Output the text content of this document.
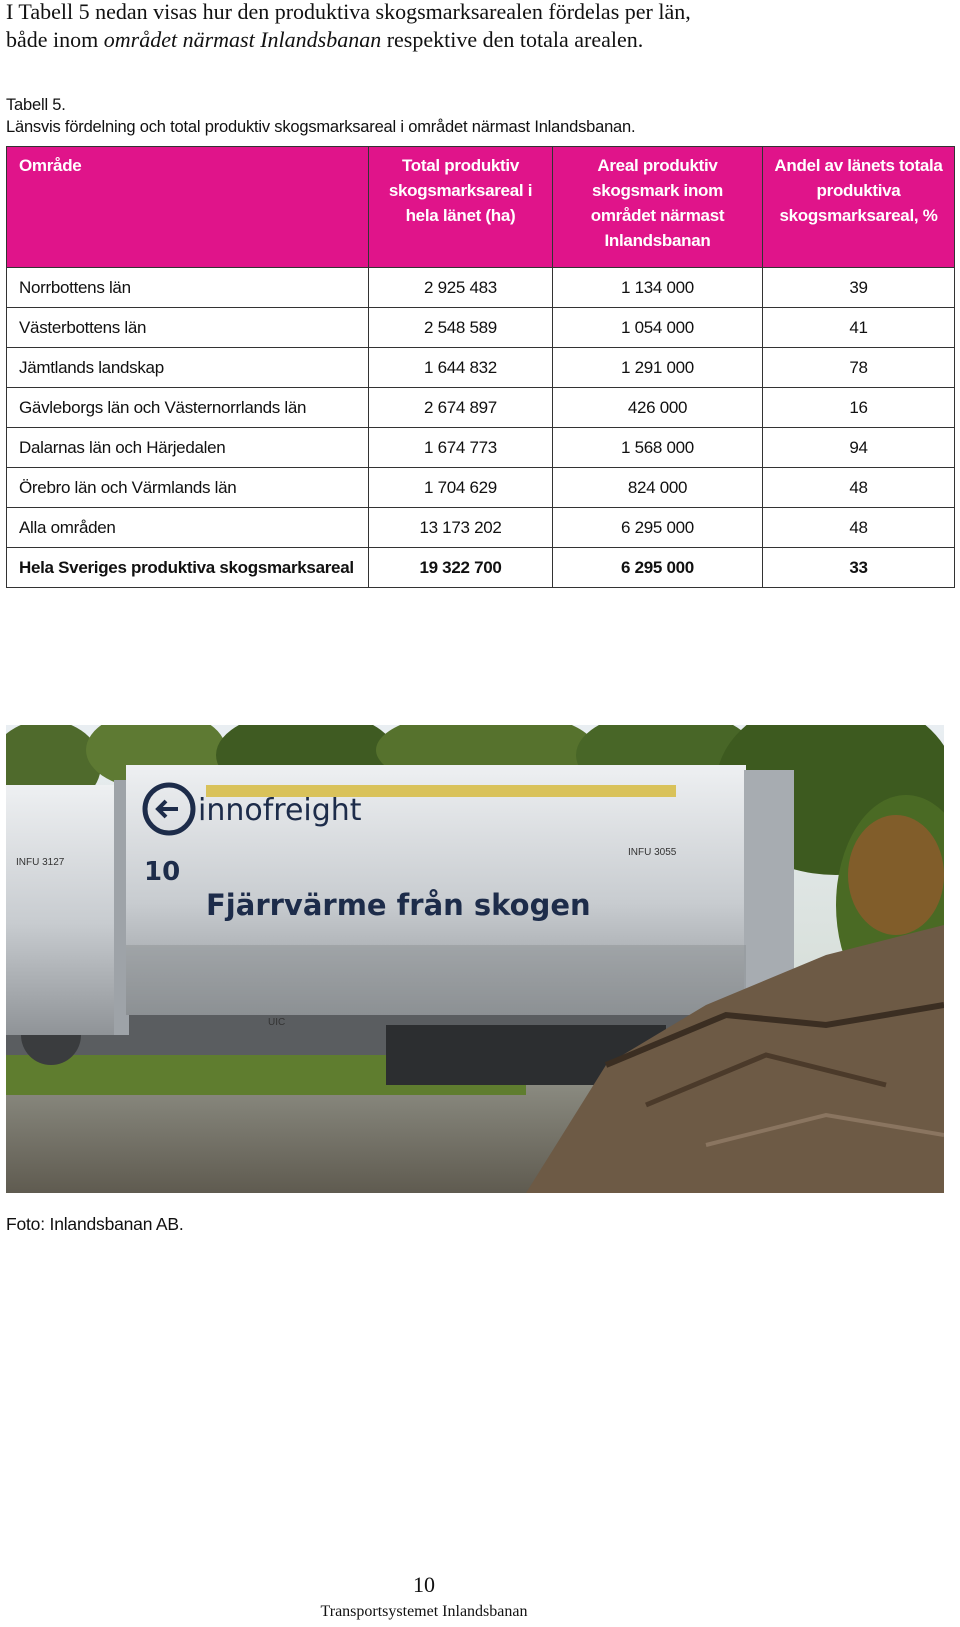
I Tabell 5 nedan visas hur den produktiva skogsmarksarealen fördelas per län,
både inom området närmast Inlandsbanan respektive den totala arealen.
Tabell 5.
Länsvis fördelning och total produktiv skogsmarksareal i området närmast Inlandsbanan.
Område	Total produktiv skogsmarksareal i hela länet (ha)	Areal produktiv skogsmark inom området närmast Inlandsbanan	Andel av länets totala produktiva skogsmarksareal, %
Norrbottens län	2 925 483	1 134 000	39
Västerbottens län	2 548 589	1 054 000	41
Jämtlands landskap	1 644 832	1 291 000	78
Gävleborgs län och Västernorrlands län	2 674 897	426 000	16
Dalarnas län och Härjedalen	1 674 773	1 568 000	94
Örebro län och Värmlands län	1 704 629	824 000	48
Alla områden	13 173 202	6 295 000	48
Hela Sveriges produktiva skogsmarksareal	19 322 700	6 295 000	33
INFU 3127
innofreight
10
Fjärrvärme från skogen
INFU 3055
UIC
Foto: Inlandsbanan AB.
10
Transportsystemet Inlandsbanan
